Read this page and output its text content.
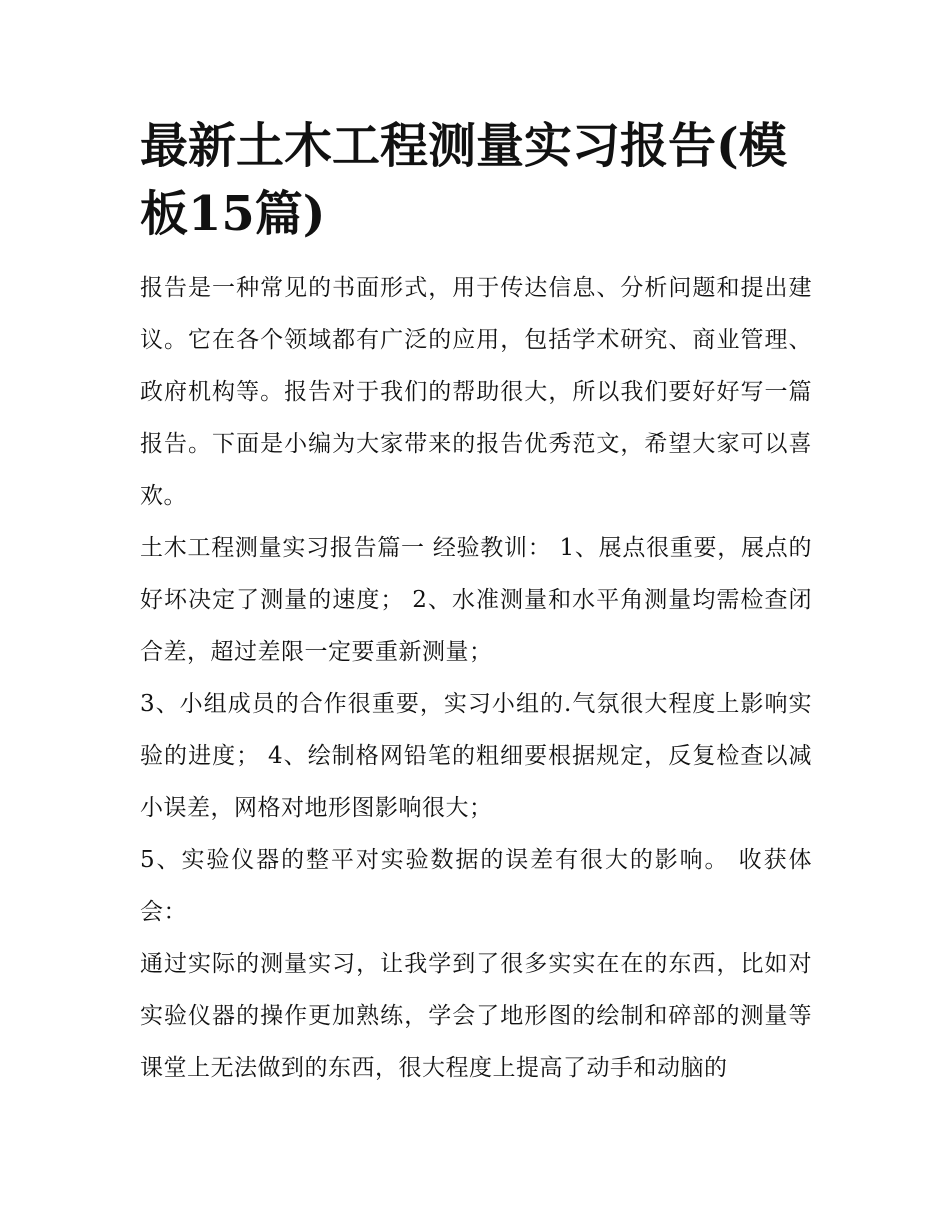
最新土木工程测量实习报告(模板15篇)

报告是一种常见的书面形式，用于传达信息、分析问题和提出建议。它在各个领域都有广泛的应用，包括学术研究、商业管理、政府机构等。报告对于我们的帮助很大，所以我们要好好写一篇报告。下面是小编为大家带来的报告优秀范文，希望大家可以喜欢。

土木工程测量实习报告篇一 经验教训： 1、展点很重要，展点的好坏决定了测量的速度； 2、水准测量和水平角测量均需检查闭合差，超过差限一定要重新测量；

3、小组成员的合作很重要，实习小组的.气氛很大程度上影响实验的进度； 4、绘制格网铅笔的粗细要根据规定，反复检查以减小误差，网格对地形图影响很大；

5、实验仪器的整平对实验数据的误差有很大的影响。 收获体会：

通过实际的测量实习，让我学到了很多实实在在的东西，比如对实验仪器的操作更加熟练，学会了地形图的绘制和碎部的测量等课堂上无法做到的东西，很大程度上提高了动手和动脑的
